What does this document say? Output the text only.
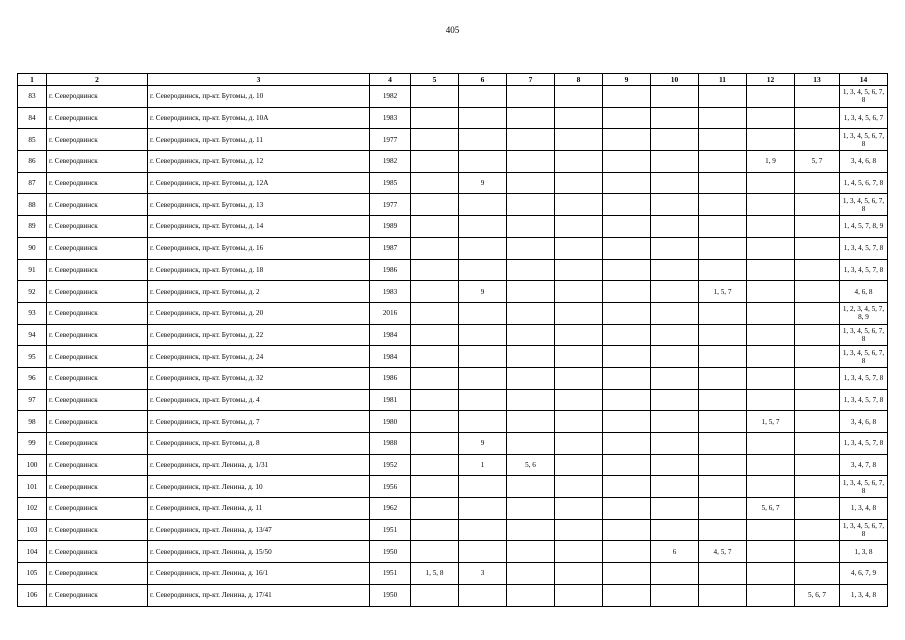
405
1	2	3	4	5	6	7	8	9	10	11	12	13	14
83	г. Северодвинск	г. Северодвинск, пр-кт. Бутомы, д. 10	1982										1, 3, 4, 5, 6, 7, 8
84	г. Северодвинск	г. Северодвинск, пр-кт. Бутомы, д. 10А	1983										1, 3, 4, 5, 6, 7
85	г. Северодвинск	г. Северодвинск, пр-кт. Бутомы, д. 11	1977										1, 3, 4, 5, 6, 7, 8
86	г. Северодвинск	г. Северодвинск, пр-кт. Бутомы, д. 12	1982								1, 9	5, 7	3, 4, 6, 8
87	г. Северодвинск	г. Северодвинск, пр-кт. Бутомы, д. 12А	1985		9								1, 4, 5, 6, 7, 8
88	г. Северодвинск	г. Северодвинск, пр-кт. Бутомы, д. 13	1977										1, 3, 4, 5, 6, 7, 8
89	г. Северодвинск	г. Северодвинск, пр-кт. Бутомы, д. 14	1989										1, 4, 5, 7, 8, 9
90	г. Северодвинск	г. Северодвинск, пр-кт. Бутомы, д. 16	1987										1, 3, 4, 5, 7, 8
91	г. Северодвинск	г. Северодвинск, пр-кт. Бутомы, д. 18	1986										1, 3, 4, 5, 7, 8
92	г. Северодвинск	г. Северодвинск, пр-кт. Бутомы, д. 2	1983		9					1, 5, 7			4, 6, 8
93	г. Северодвинск	г. Северодвинск, пр-кт. Бутомы, д. 20	2016										1, 2, 3, 4, 5, 7, 8, 9
94	г. Северодвинск	г. Северодвинск, пр-кт. Бутомы, д. 22	1984										1, 3, 4, 5, 6, 7, 8
95	г. Северодвинск	г. Северодвинск, пр-кт. Бутомы, д. 24	1984										1, 3, 4, 5, 6, 7, 8
96	г. Северодвинск	г. Северодвинск, пр-кт. Бутомы, д. 32	1986										1, 3, 4, 5, 7, 8
97	г. Северодвинск	г. Северодвинск, пр-кт. Бутомы, д. 4	1981										1, 3, 4, 5, 7, 8
98	г. Северодвинск	г. Северодвинск, пр-кт. Бутомы, д. 7	1980								1, 5, 7		3, 4, 6, 8
99	г. Северодвинск	г. Северодвинск, пр-кт. Бутомы, д. 8	1988		9								1, 3, 4, 5, 7, 8
100	г. Северодвинск	г. Северодвинск, пр-кт. Ленина, д. 1/31	1952		1	5, 6							3, 4, 7, 8
101	г. Северодвинск	г. Северодвинск, пр-кт. Ленина, д. 10	1956										1, 3, 4, 5, 6, 7, 8
102	г. Северодвинск	г. Северодвинск, пр-кт. Ленина, д. 11	1962								5, 6, 7		1, 3, 4, 8
103	г. Северодвинск	г. Северодвинск, пр-кт. Ленина, д. 13/47	1951										1, 3, 4, 5, 6, 7, 8
104	г. Северодвинск	г. Северодвинск, пр-кт. Ленина, д. 15/50	1950						6	4, 5, 7			1, 3, 8
105	г. Северодвинск	г. Северодвинск, пр-кт. Ленина, д. 16/1	1951	1, 5, 8	3								4, 6, 7, 9
106	г. Северодвинск	г. Северодвинск, пр-кт. Ленина, д. 17/41	1950									5, 6, 7	1, 3, 4, 8
